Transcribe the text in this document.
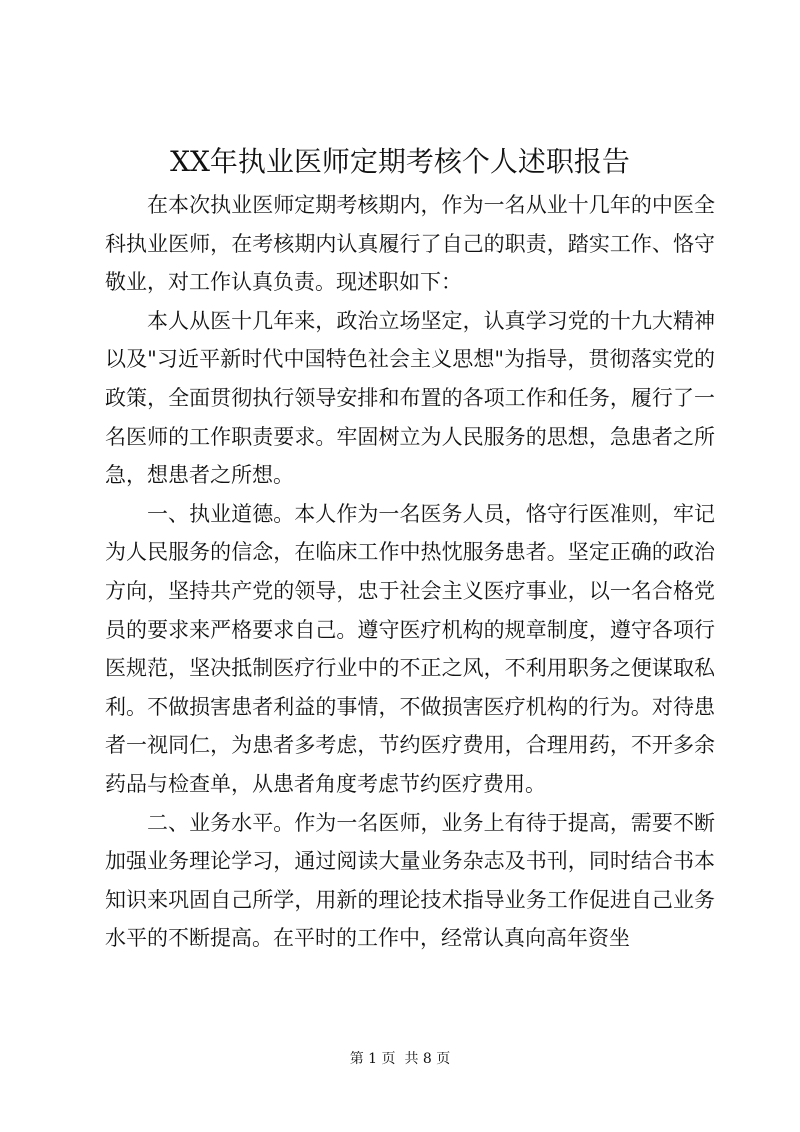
XX年执业医师定期考核个人述职报告

在本次执业医师定期考核期内，作为一名从业十几年的中医全科执业医师，在考核期内认真履行了自己的职责，踏实工作、恪守敬业，对工作认真负责。现述职如下：

本人从医十几年来，政治立场坚定，认真学习党的十九大精神以及"习近平新时代中国特色社会主义思想"为指导，贯彻落实党的政策，全面贯彻执行领导安排和布置的各项工作和任务，履行了一名医师的工作职责要求。牢固树立为人民服务的思想，急患者之所急，想患者之所想。

一、执业道德。本人作为一名医务人员，恪守行医准则，牢记为人民服务的信念，在临床工作中热忱服务患者。坚定正确的政治方向，坚持共产党的领导，忠于社会主义医疗事业，以一名合格党员的要求来严格要求自己。遵守医疗机构的规章制度，遵守各项行医规范，坚决抵制医疗行业中的不正之风，不利用职务之便谋取私利。不做损害患者利益的事情，不做损害医疗机构的行为。对待患者一视同仁，为患者多考虑，节约医疗费用，合理用药，不开多余药品与检查单，从患者角度考虑节约医疗费用。

二、业务水平。作为一名医师，业务上有待于提高，需要不断加强业务理论学习，通过阅读大量业务杂志及书刊，同时结合书本知识来巩固自己所学，用新的理论技术指导业务工作促进自己业务水平的不断提高。在平时的工作中，经常认真向高年资坐

第 1 页  共 8 页
